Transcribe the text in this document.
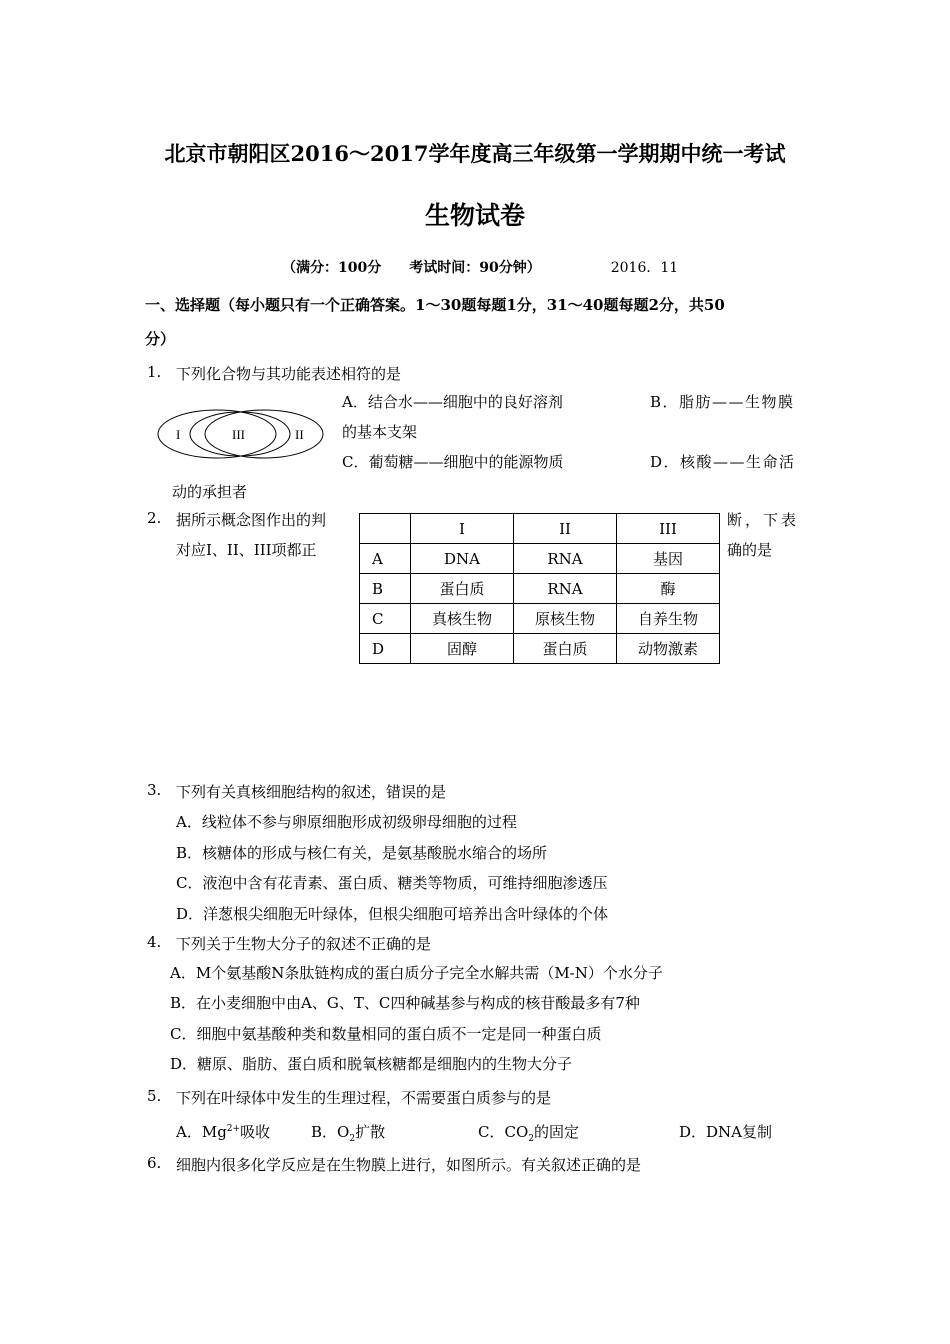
北京市朝阳区2016～2017学年度高三年级第一学期期中统一考试
生物试卷
（满分：100分　　考试时间：90分钟）	2016．11
一、选择题（每小题只有一个正确答案。1～30题每题1分，31～40题每题2分，共50
分）
1. 下列化合物与其功能表述相符的是
I	III	II
A．结合水——细胞中的良好溶剂	B．脂肪——生物膜
的基本支架
C．葡萄糖——细胞中的能源物质	D．核酸——生命活
动的承担者
2. 据所示概念图作出的判
对应I、II、III项都正
断，下表
确的是
	I	II	III
A	DNA	RNA	基因
B	蛋白质	RNA	酶
C	真核生物	原核生物	自养生物
D	固醇	蛋白质	动物激素
3. 下列有关真核细胞结构的叙述，错误的是
A．线粒体不参与卵原细胞形成初级卵母细胞的过程
B．核糖体的形成与核仁有关，是氨基酸脱水缩合的场所
C．液泡中含有花青素、蛋白质、糖类等物质，可维持细胞渗透压
D．洋葱根尖细胞无叶绿体，但根尖细胞可培养出含叶绿体的个体
4. 下列关于生物大分子的叙述不正确的是
A．M个氨基酸N条肽链构成的蛋白质分子完全水解共需（M-N）个水分子
B．在小麦细胞中由A、G、T、C四种碱基参与构成的核苷酸最多有7种
C．细胞中氨基酸种类和数量相同的蛋白质不一定是同一种蛋白质
D．糖原、脂肪、蛋白质和脱氧核糖都是细胞内的生物大分子
5. 下列在叶绿体中发生的生理过程，不需要蛋白质参与的是
A．$Mg^{2+}$吸收	B．$O_2$扩散	C．$CO_2$的固定	D．DNA复制
6. 细胞内很多化学反应是在生物膜上进行，如图所示。有关叙述正确的是
